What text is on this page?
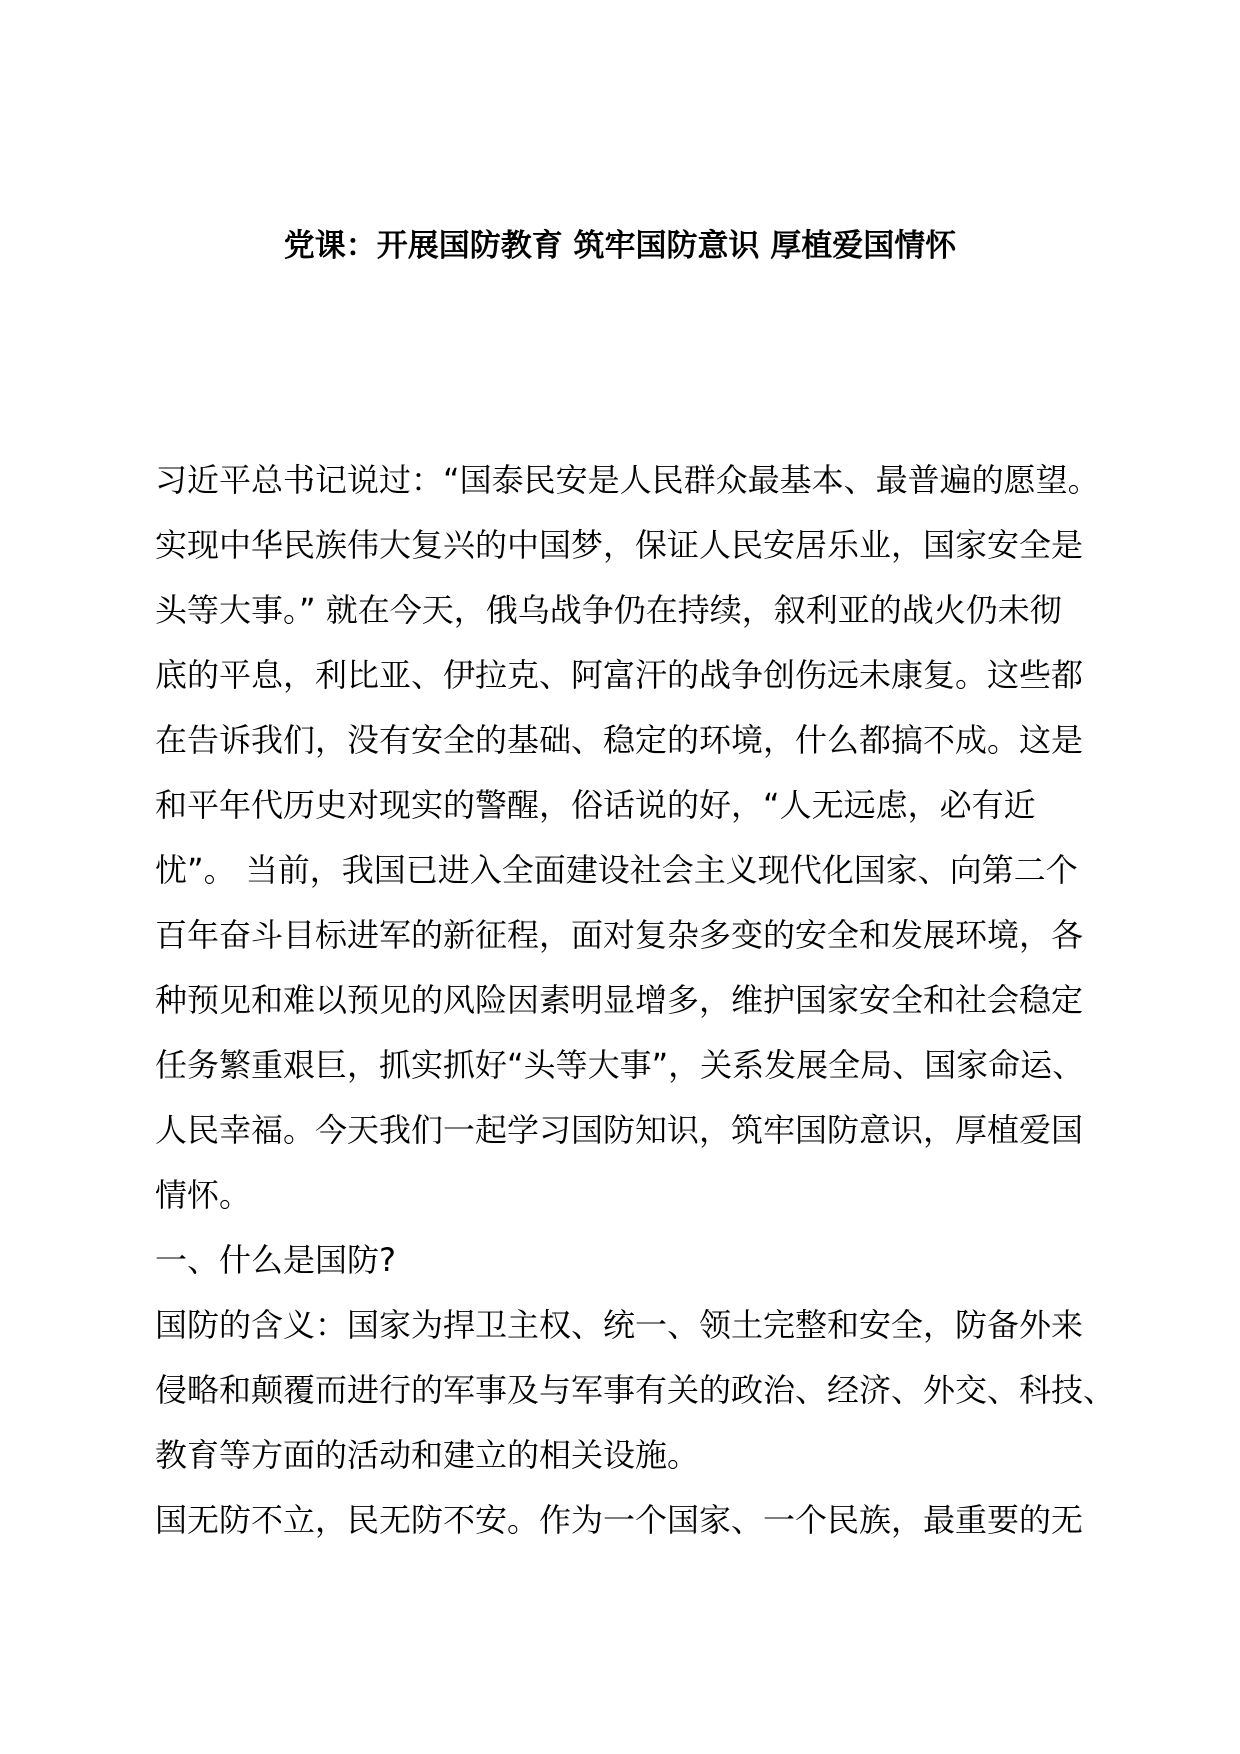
党课：开展国防教育 筑牢国防意识 厚植爱国情怀
习近平总书记说过：“国泰民安是人民群众最基本、最普遍的愿望。
实现中华民族伟大复兴的中国梦，保证人民安居乐业，国家安全是
头等大事。” 就在今天，俄乌战争仍在持续，叙利亚的战火仍未彻
底的平息，利比亚、伊拉克、阿富汗的战争创伤远未康复。这些都
在告诉我们，没有安全的基础、稳定的环境，什么都搞不成。这是
和平年代历史对现实的警醒，俗话说的好，“人无远虑，必有近
忧”。 当前，我国已进入全面建设社会主义现代化国家、向第二个
百年奋斗目标进军的新征程，面对复杂多变的安全和发展环境，各
种预见和难以预见的风险因素明显增多，维护国家安全和社会稳定
任务繁重艰巨，抓实抓好“头等大事”，关系发展全局、国家命运、
人民幸福。今天我们一起学习国防知识，筑牢国防意识，厚植爱国
情怀。
一、什么是国防?
国防的含义：国家为捍卫主权、统一、领土完整和安全，防备外来
侵略和颠覆而进行的军事及与军事有关的政治、经济、外交、科技、
教育等方面的活动和建立的相关设施。
国无防不立，民无防不安。作为一个国家、一个民族，最重要的无
